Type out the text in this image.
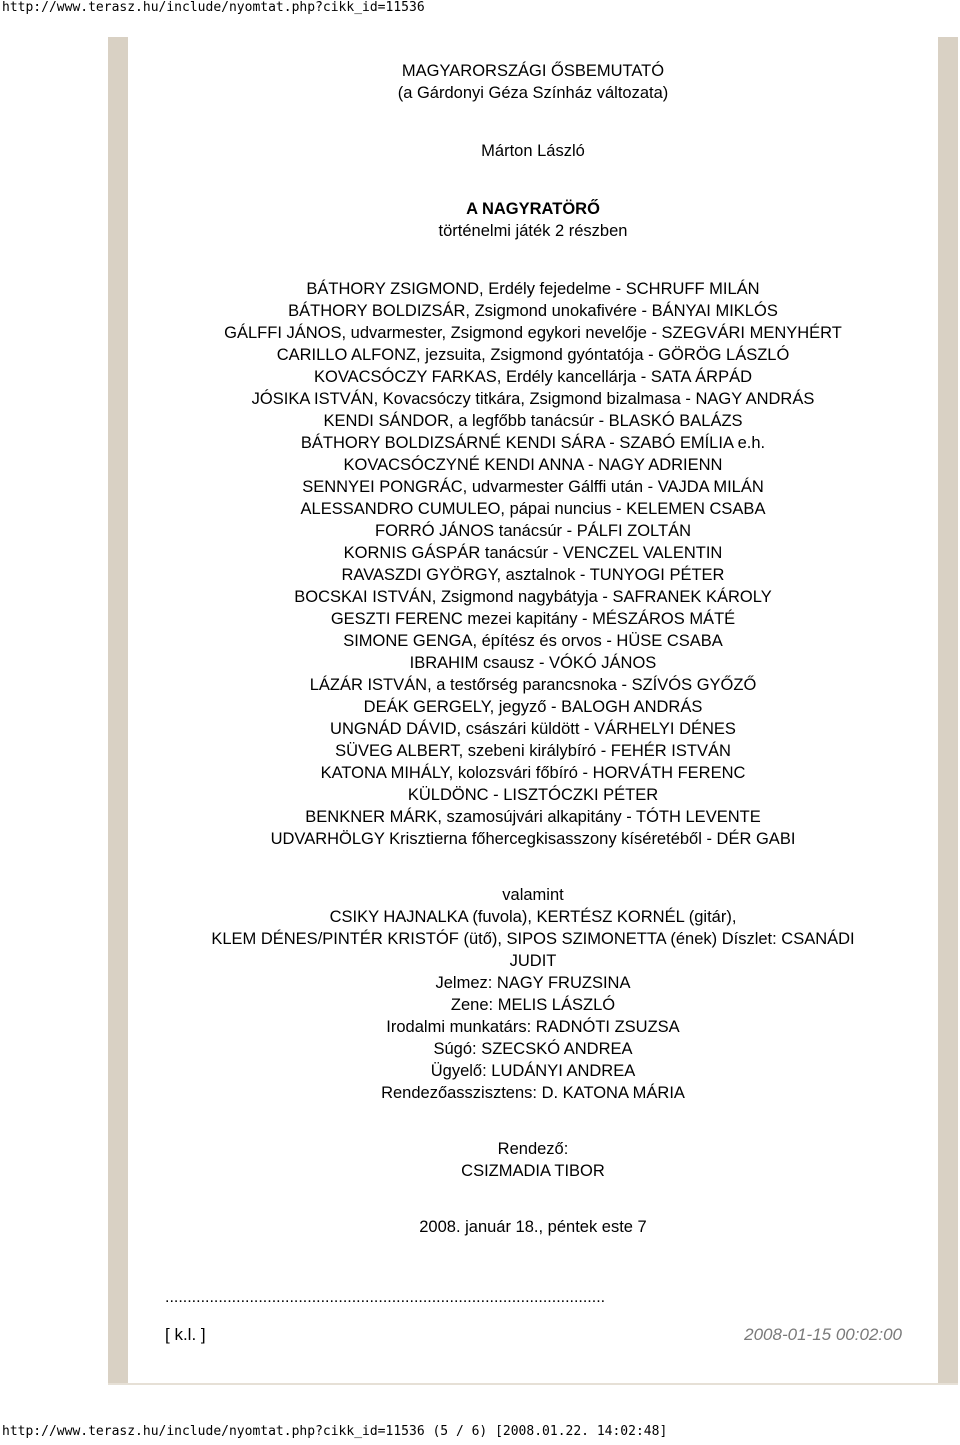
http://www.terasz.hu/include/nyomtat.php?cikk_id=11536

MAGYARORSZÁGI ŐSBEMUTATÓ

(a Gárdonyi Géza Színház változata)

Márton László

A NAGYRATÖRŐ

történelmi játék 2 részben

BÁTHORY ZSIGMOND, Erdély fejedelme - SCHRUFF MILÁN

BÁTHORY BOLDIZSÁR, Zsigmond unokafivére - BÁNYAI MIKLÓS

GÁLFFI JÁNOS, udvarmester, Zsigmond egykori nevelője - SZEGVÁRI MENYHÉRT

CARILLO ALFONZ, jezsuita, Zsigmond gyóntatója - GÖRÖG LÁSZLÓ

KOVACSÓCZY FARKAS, Erdély kancellárja - SATA ÁRPÁD

JÓSIKA ISTVÁN, Kovacsóczy titkára, Zsigmond bizalmasa - NAGY ANDRÁS

KENDI SÁNDOR, a legfőbb tanácsúr - BLASKÓ BALÁZS

BÁTHORY BOLDIZSÁRNÉ KENDI SÁRA - SZABÓ EMÍLIA e.h.

KOVACSÓCZYNÉ KENDI ANNA - NAGY ADRIENN

SENNYEI PONGRÁC, udvarmester Gálffi után - VAJDA MILÁN

ALESSANDRO CUMULEO, pápai nuncius - KELEMEN CSABA

FORRÓ JÁNOS tanácsúr - PÁLFI ZOLTÁN

KORNIS GÁSPÁR tanácsúr - VENCZEL VALENTIN

RAVASZDI GYÖRGY, asztalnok - TUNYOGI PÉTER

BOCSKAI ISTVÁN, Zsigmond nagybátyja - SAFRANEK KÁROLY

GESZTI FERENC mezei kapitány - MÉSZÁROS MÁTÉ

SIMONE GENGA, építész és orvos - HÜSE CSABA

IBRAHIM csausz - VÓKÓ JÁNOS

LÁZÁR ISTVÁN, a testőrség parancsnoka - SZÍVÓS GYŐZŐ

DEÁK GERGELY, jegyző - BALOGH ANDRÁS

UNGNÁD DÁVID, császári küldött - VÁRHELYI DÉNES

SÜVEG ALBERT, szebeni királybíró - FEHÉR ISTVÁN

KATONA MIHÁLY, kolozsvári főbíró - HORVÁTH FERENC

KÜLDÖNC - LISZTÓCZKI PÉTER

BENKNER MÁRK, szamosújvári alkapitány - TÓTH LEVENTE

UDVARHÖLGY Krisztierna főhercegkisasszony kíséretéből - DÉR GABI

valamint

CSIKY HAJNALKA (fuvola), KERTÉSZ KORNÉL (gitár),

KLEM DÉNES/PINTÉR KRISTÓF (ütő), SIPOS SZIMONETTA (ének) Díszlet: CSANÁDI

JUDIT

Jelmez: NAGY FRUZSINA

Zene: MELIS LÁSZLÓ

Irodalmi munkatárs: RADNÓTI ZSUZSA

Súgó: SZECSKÓ ANDREA

Ügyelő: LUDÁNYI ANDREA

Rendezőasszisztens: D. KATONA MÁRIA

Rendező:

CSIZMADIA TIBOR

2008. január 18., péntek este 7

...................................................................................................
[ k.l. ]	2008-01-15 00:02:00
http://www.terasz.hu/include/nyomtat.php?cikk_id=11536 (5 / 6) [2008.01.22. 14:02:48]
